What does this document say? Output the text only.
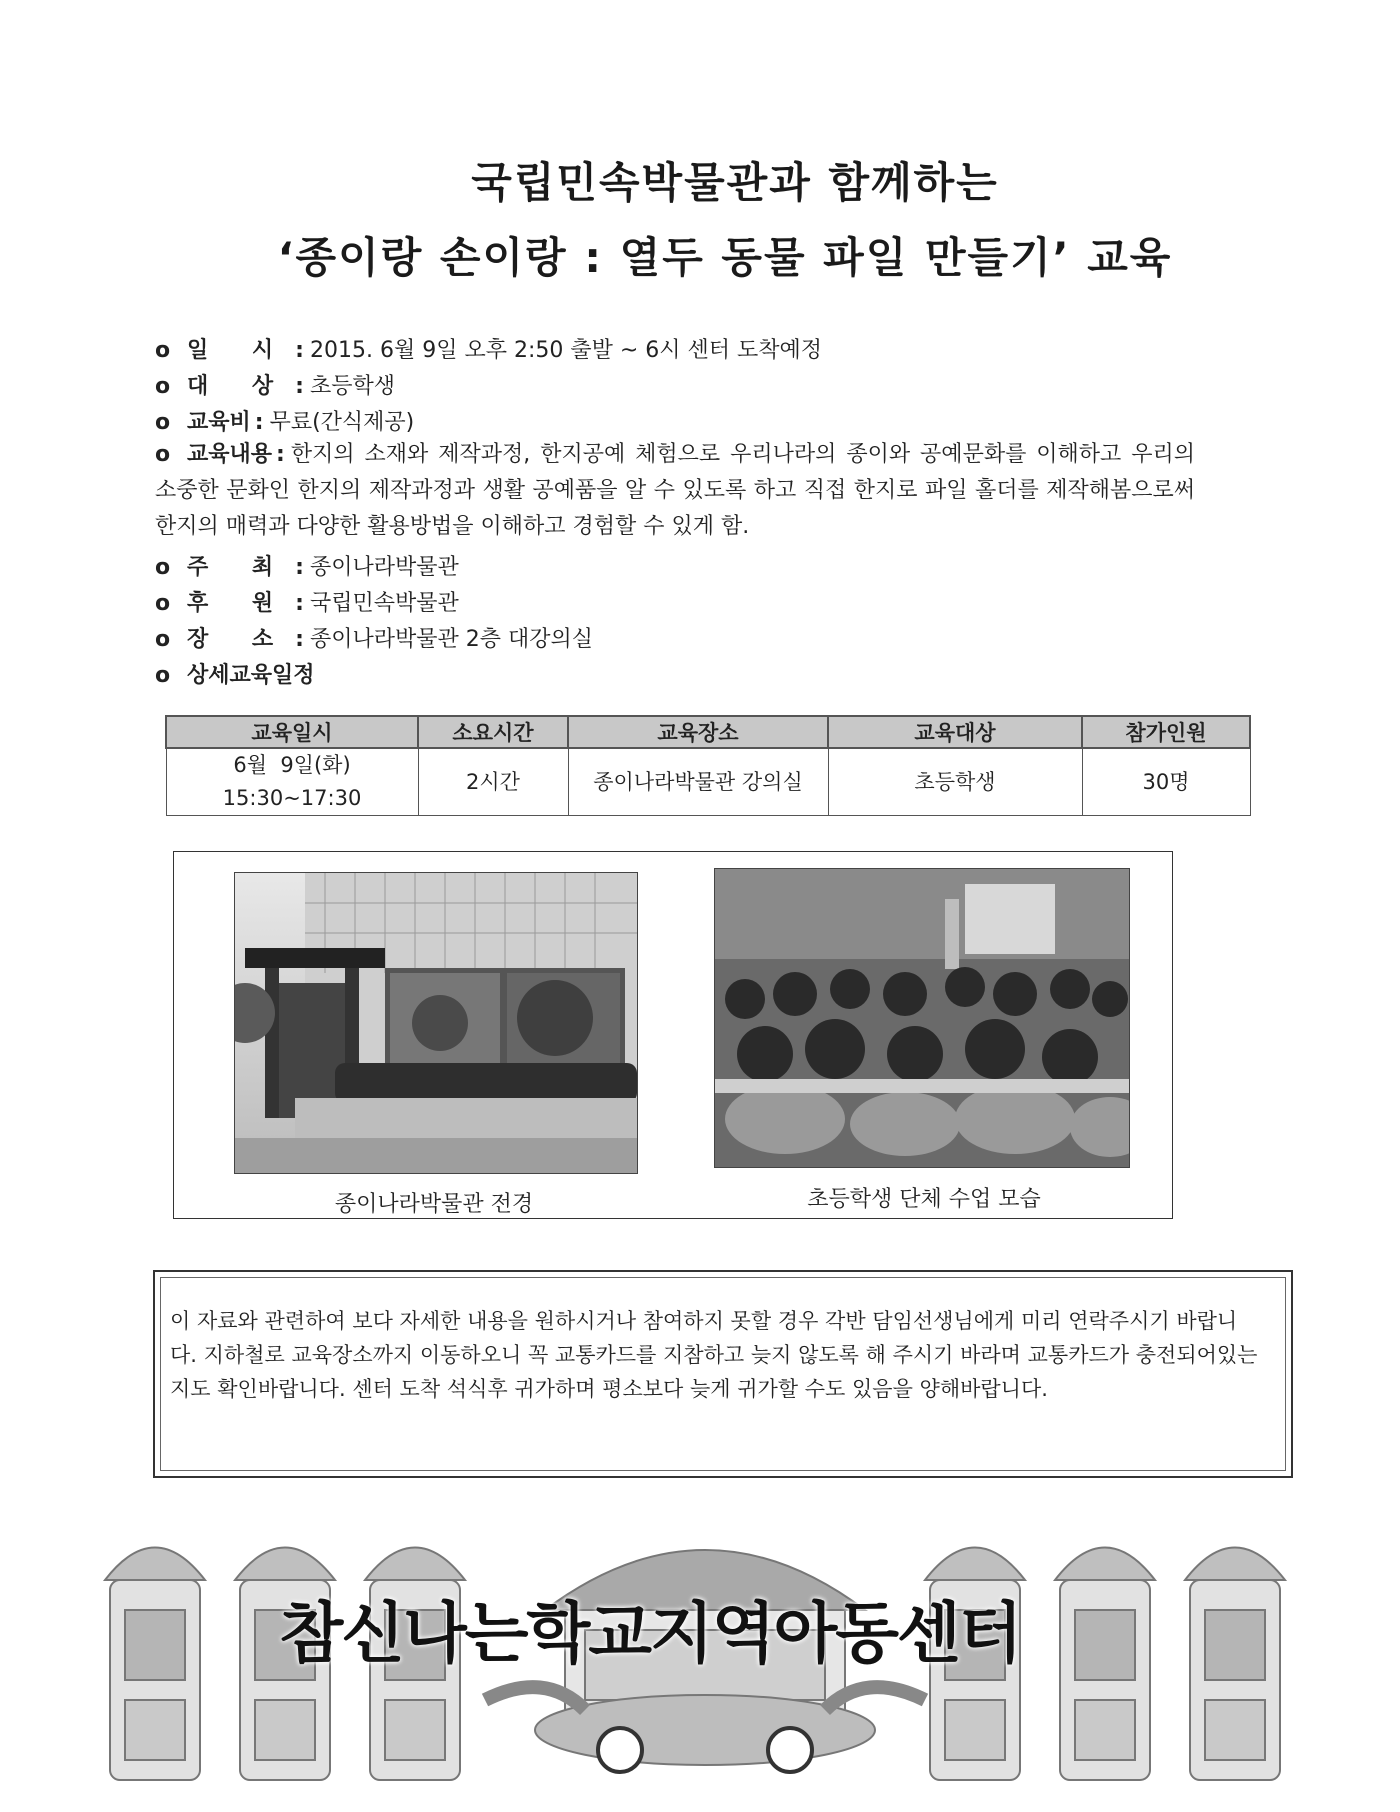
국립민속박물관과 함께하는
‘종이랑 손이랑 : 열두 동물 파일 만들기’ 교육
o 일 시 : 2015. 6월 9일 오후 2:50 출발 ~ 6시 센터 도착예정
o 대 상 : 초등학생
o 교육비 : 무료(간식제공)
o 교육내용 : 한지의 소재와 제작과정, 한지공예 체험으로 우리나라의 종이와 공예문화를 이해하고 우리의 소중한 문화인 한지의 제작과정과 생활 공예품을 알 수 있도록 하고 직접 한지로 파일 홀더를 제작해봄으로써 한지의 매력과 다양한 활용방법을 이해하고 경험할 수 있게 함.
o 주 최 : 종이나라박물관
o 후 원 : 국립민속박물관
o 장 소 : 종이나라박물관 2층 대강의실
o 상세교육일정
교육일시	소요시간	교육장소	교육대상	참가인원

6월  9일(화)
15:30~17:30	2시간	종이나라박물관 강의실	초등학생	30명
종이나라박물관 전경	초등학생 단체 수업 모습
이 자료와 관련하여 보다 자세한 내용을 원하시거나 참여하지 못할 경우 각반 담임선생님에게 미리 연락주시기 바랍니다. 지하철로 교육장소까지 이동하오니 꼭 교통카드를 지참하고 늦지 않도록 해 주시기 바라며 교통카드가 충전되어있는지도 확인바랍니다. 센터 도착 석식후 귀가하며 평소보다 늦게 귀가할 수도 있음을 양해바랍니다.
참신나는학교지역아동센터
